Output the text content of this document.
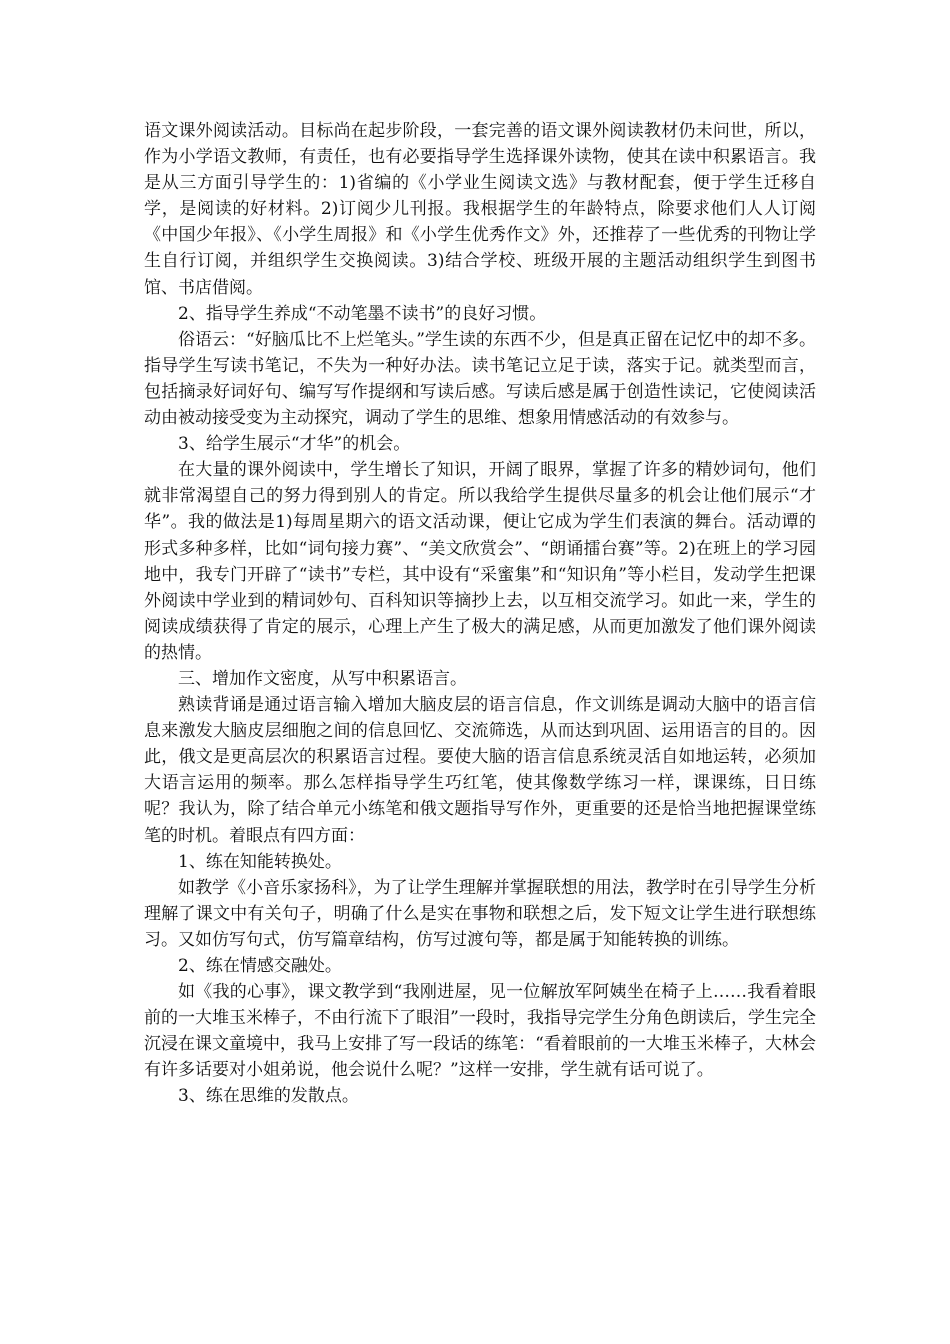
语文课外阅读活动。目标尚在起步阶段，一套完善的语文课外阅读教材仍未问世，所以，作为小学语文教师，有责任，也有必要指导学生选择课外读物，使其在读中积累语言。我是从三方面引导学生的：1)省编的《小学业生阅读文选》与教材配套，便于学生迁移自学，是阅读的好材料。2)订阅少儿刊报。我根据学生的年龄特点，除要求他们人人订阅《中国少年报》、《小学生周报》和《小学生优秀作文》外，还推荐了一些优秀的刊物让学生自行订阅，并组织学生交换阅读。3)结合学校、班级开展的主题活动组织学生到图书馆、书店借阅。

2、指导学生养成“不动笔墨不读书”的良好习惯。

俗语云：“好脑瓜比不上烂笔头。”学生读的东西不少，但是真正留在记忆中的却不多。指导学生写读书笔记，不失为一种好办法。读书笔记立足于读，落实于记。就类型而言，包括摘录好词好句、编写写作提纲和写读后感。写读后感是属于创造性读记，它使阅读活动由被动接受变为主动探究，调动了学生的思维、想象用情感活动的有效参与。

3、给学生展示“才华”的机会。

在大量的课外阅读中，学生增长了知识，开阔了眼界，掌握了许多的精妙词句，他们就非常渴望自己的努力得到别人的肯定。所以我给学生提供尽量多的机会让他们展示“才华”。我的做法是1)每周星期六的语文活动课，便让它成为学生们表演的舞台。活动谭的形式多种多样，比如“词句接力赛”、“美文欣赏会”、“朗诵擂台赛”等。2)在班上的学习园地中，我专门开辟了“读书”专栏，其中设有“采蜜集”和“知识角”等小栏目，发动学生把课外阅读中学业到的精词妙句、百科知识等摘抄上去，以互相交流学习。如此一来，学生的阅读成绩获得了肯定的展示，心理上产生了极大的满足感，从而更加激发了他们课外阅读的热情。

三、增加作文密度，从写中积累语言。

熟读背诵是通过语言输入增加大脑皮层的语言信息，作文训练是调动大脑中的语言信息来激发大脑皮层细胞之间的信息回忆、交流筛选，从而达到巩固、运用语言的目的。因此，俄文是更高层次的积累语言过程。要使大脑的语言信息系统灵活自如地运转，必须加大语言运用的频率。那么怎样指导学生巧红笔，使其像数学练习一样，课课练，日日练呢？我认为，除了结合单元小练笔和俄文题指导写作外，更重要的还是恰当地把握课堂练笔的时机。着眼点有四方面：

1、练在知能转换处。

如教学《小音乐家扬科》，为了让学生理解并掌握联想的用法，教学时在引导学生分析理解了课文中有关句子，明确了什么是实在事物和联想之后，发下短文让学生进行联想练习。又如仿写句式，仿写篇章结构，仿写过渡句等，都是属于知能转换的训练。

2、练在情感交融处。

如《我的心事》，课文教学到“我刚进屋，见一位解放军阿姨坐在椅子上……我看着眼前的一大堆玉米棒子，不由行流下了眼泪”一段时，我指导完学生分角色朗读后，学生完全沉浸在课文童境中，我马上安排了写一段话的练笔：“看着眼前的一大堆玉米棒子，大林会有许多话要对小姐弟说，他会说什么呢？”这样一安排，学生就有话可说了。

3、练在思维的发散点。
